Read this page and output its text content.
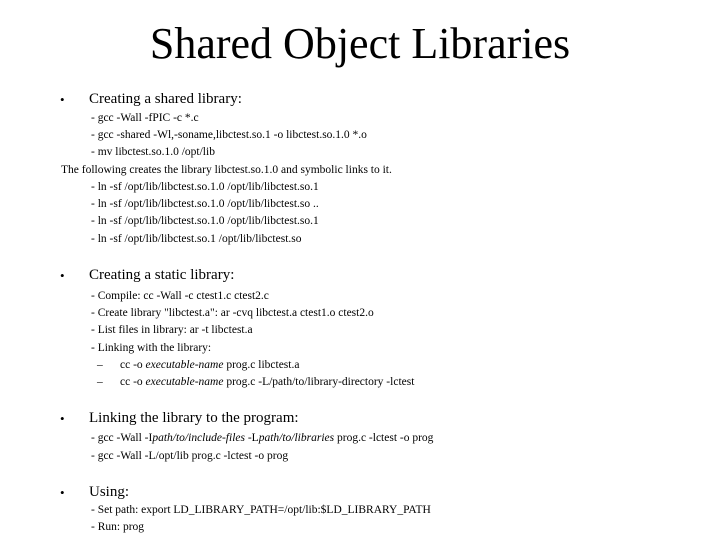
Shared Object Libraries
• Creating a shared library:
- gcc -Wall -fPIC -c *.c
- gcc -shared -Wl,-soname,libctest.so.1 -o libctest.so.1.0 *.o
- mv libctest.so.1.0 /opt/lib
The following creates the library libctest.so.1.0 and symbolic links to it.
- ln -sf /opt/lib/libctest.so.1.0 /opt/lib/libctest.so.1
- ln -sf /opt/lib/libctest.so.1.0 /opt/lib/libctest.so ..
- ln -sf /opt/lib/libctest.so.1.0 /opt/lib/libctest.so.1
- ln -sf /opt/lib/libctest.so.1 /opt/lib/libctest.so
• Creating a static library:
- Compile: cc -Wall -c ctest1.c ctest2.c
- Create library "libctest.a": ar -cvq libctest.a ctest1.o ctest2.o
- List files in library: ar -t libctest.a
- Linking with the library:
– cc -o executable-name prog.c libctest.a
– cc -o executable-name prog.c -L/path/to/library-directory -lctest
• Linking the library to the program:
- gcc -Wall -Ipath/to/include-files -Lpath/to/libraries prog.c -lctest -o prog
- gcc -Wall -L/opt/lib prog.c -lctest -o prog
• Using:
- Set path: export LD_LIBRARY_PATH=/opt/lib:$LD_LIBRARY_PATH
- Run: prog
